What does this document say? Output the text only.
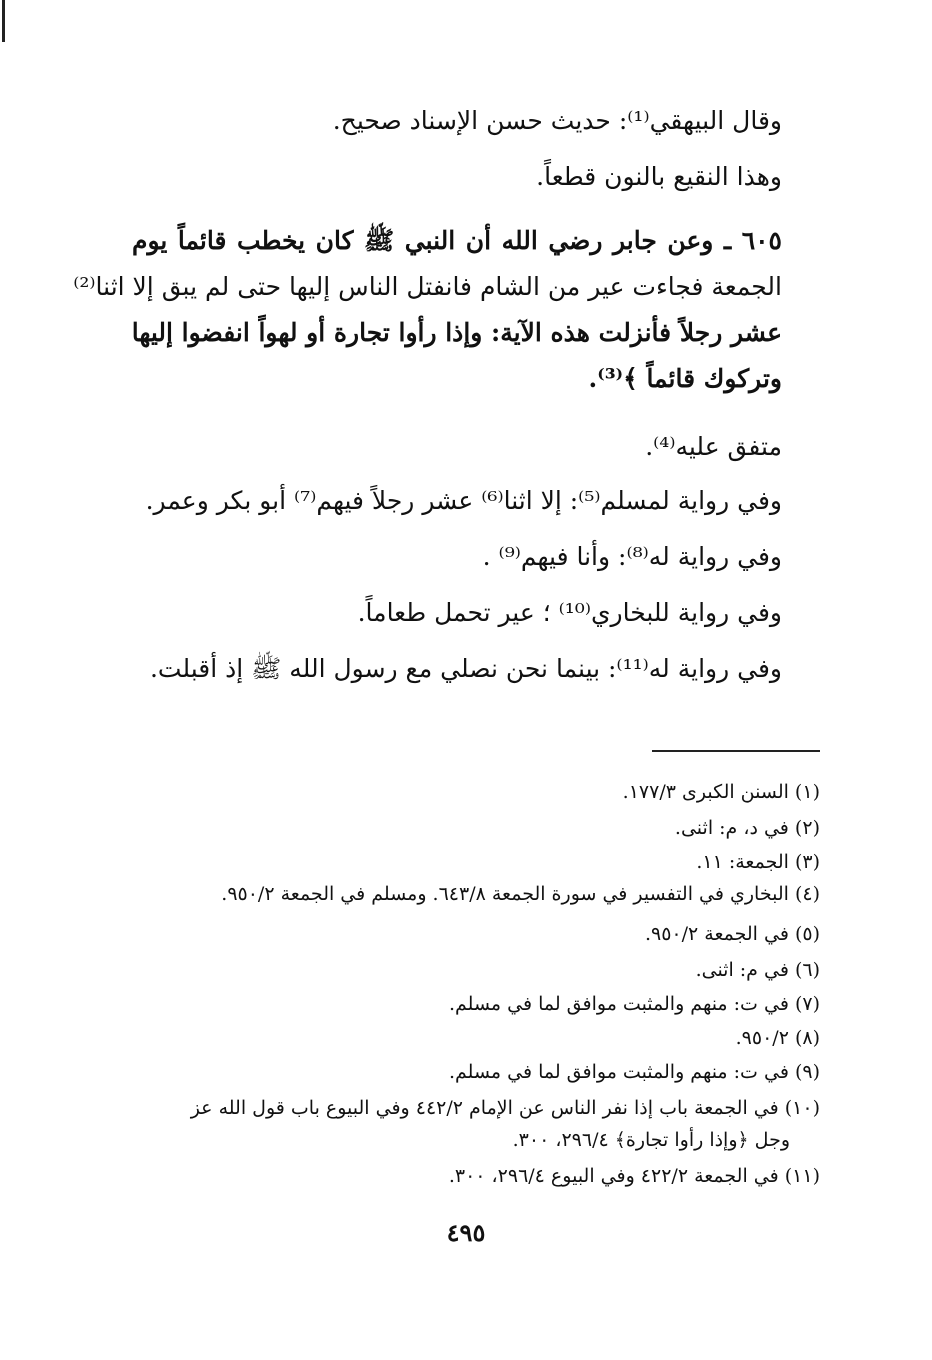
وقال البيهقي⁽¹⁾: حديث حسن الإسناد صحيح.
وهذا النقيع بالنون قطعاً.
٦٠٥ ـ وعن جابر رضي الله أن النبي ﷺ كان يخطب قائماً يوم
الجمعة فجاءت عير من الشام فانفتل الناس إليها حتى لم يبق إلا اثنا⁽²⁾
عشر رجلاً فأنزلت هذه الآية: وإذا رأوا تجارة أو لهواً انفضوا إليها
وتركوك قائماً ﴾⁽³⁾.
متفق عليه⁽⁴⁾.
وفي رواية لمسلم⁽⁵⁾: إلا اثنا⁽⁶⁾ عشر رجلاً فيهم⁽⁷⁾ أبو بكر وعمر.
وفي رواية له⁽⁸⁾: وأنا فيهم⁽⁹⁾ .
وفي رواية للبخاري⁽¹⁰⁾ ؛ عير تحمل طعاماً.
وفي رواية له⁽¹¹⁾: بينما نحن نصلي مع رسول الله ﷺ إذ أقبلت.
(١) السنن الكبرى ١٧٧/٣.
(٢) في د، م: اثنى.
(٣) الجمعة: ١١.
(٤) البخاري في التفسير في سورة الجمعة ٦٤٣/٨. ومسلم في الجمعة ٩٥٠/٢.
(٥) في الجمعة ٩٥٠/٢.
(٦) في م: اثنى.
(٧) في ت: منهم والمثبت موافق لما في مسلم.
(٨) ٩٥٠/٢.
(٩) في ت: منهم والمثبت موافق لما في مسلم.
(١٠) في الجمعة باب إذا نفر الناس عن الإمام ٤٤٢/٢ وفي البيوع باب قول الله عز
وجل ﴿وإذا رأوا تجارة﴾ ٢٩٦/٤، ٣٠٠.
(١١) في الجمعة ٤٢٢/٢ وفي البيوع ٢٩٦/٤، ٣٠٠.
٤٩٥
